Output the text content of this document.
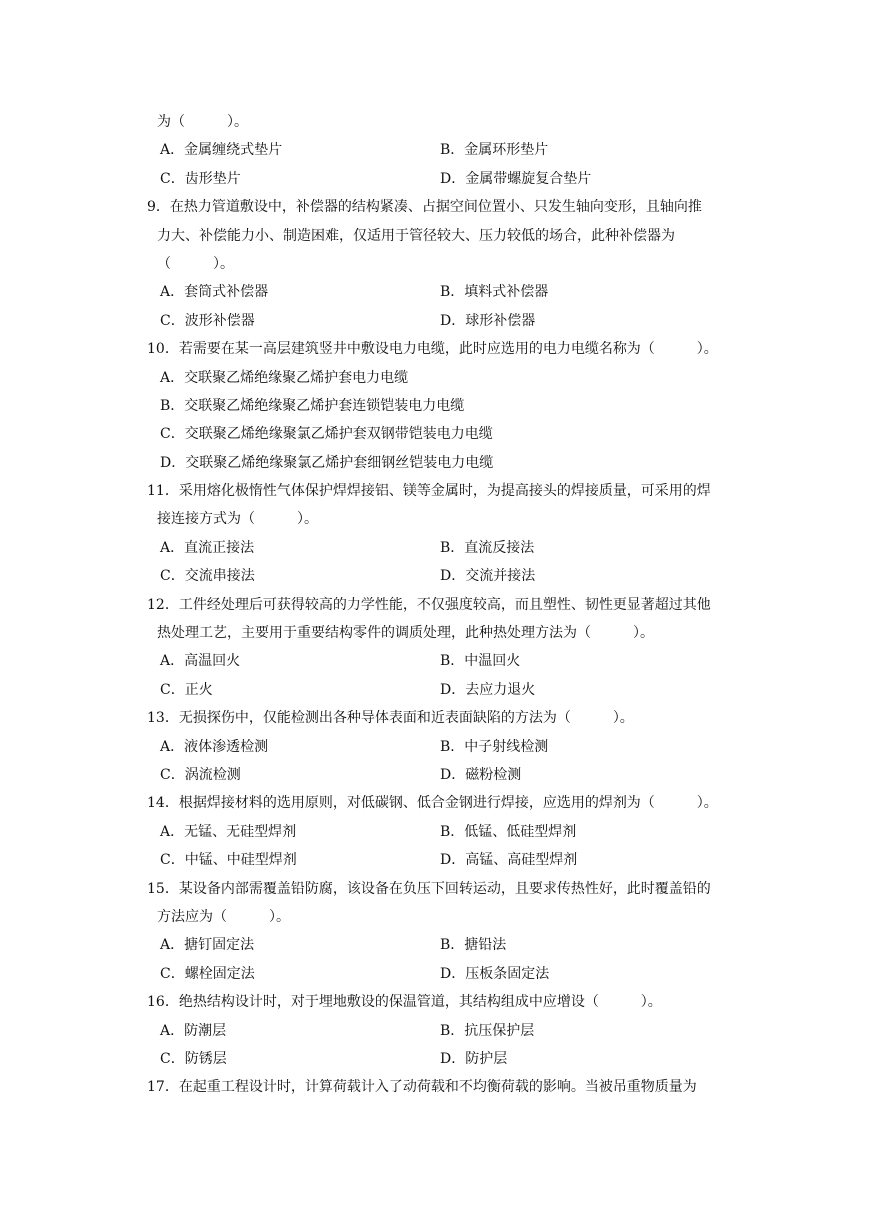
为（　　　）。
A．金属缠绕式垫片	B．金属环形垫片
C．齿形垫片	D．金属带螺旋复合垫片
9．在热力管道敷设中，补偿器的结构紧凑、占据空间位置小、只发生轴向变形，且轴向推
力大、补偿能力小、制造困难，仅适用于管径较大、压力较低的场合，此种补偿器为
（　　　）。
A．套筒式补偿器	B．填料式补偿器
C．波形补偿器	D．球形补偿器
10．若需要在某一高层建筑竖井中敷设电力电缆，此时应选用的电力电缆名称为（　　　）。
A．交联聚乙烯绝缘聚乙烯护套电力电缆
B．交联聚乙烯绝缘聚乙烯护套连锁铠装电力电缆
C．交联聚乙烯绝缘聚氯乙烯护套双钢带铠装电力电缆
D．交联聚乙烯绝缘聚氯乙烯护套细钢丝铠装电力电缆
11．采用熔化极惰性气体保护焊焊接铝、镁等金属时，为提高接头的焊接质量，可采用的焊
接连接方式为（　　　）。
A．直流正接法	B．直流反接法
C．交流串接法	D．交流并接法
12．工件经处理后可获得较高的力学性能，不仅强度较高，而且塑性、韧性更显著超过其他
热处理工艺，主要用于重要结构零件的调质处理，此种热处理方法为（　　　）。
A．高温回火	B．中温回火
C．正火	D．去应力退火
13．无损探伤中，仅能检测出各种导体表面和近表面缺陷的方法为（　　　）。
A．液体渗透检测	B．中子射线检测
C．涡流检测	D．磁粉检测
14．根据焊接材料的选用原则，对低碳钢、低合金钢进行焊接，应选用的焊剂为（　　　）。
A．无锰、无硅型焊剂	B．低锰、低硅型焊剂
C．中锰、中硅型焊剂	D．高锰、高硅型焊剂
15．某设备内部需覆盖铅防腐，该设备在负压下回转运动，且要求传热性好，此时覆盖铅的
方法应为（　　　）。
A．搪钉固定法	B．搪铅法
C．螺栓固定法	D．压板条固定法
16．绝热结构设计时，对于埋地敷设的保温管道，其结构组成中应增设（　　　）。
A．防潮层	B．抗压保护层
C．防锈层	D．防护层
17．在起重工程设计时，计算荷载计入了动荷载和不均衡荷载的影响。当被吊重物质量为
